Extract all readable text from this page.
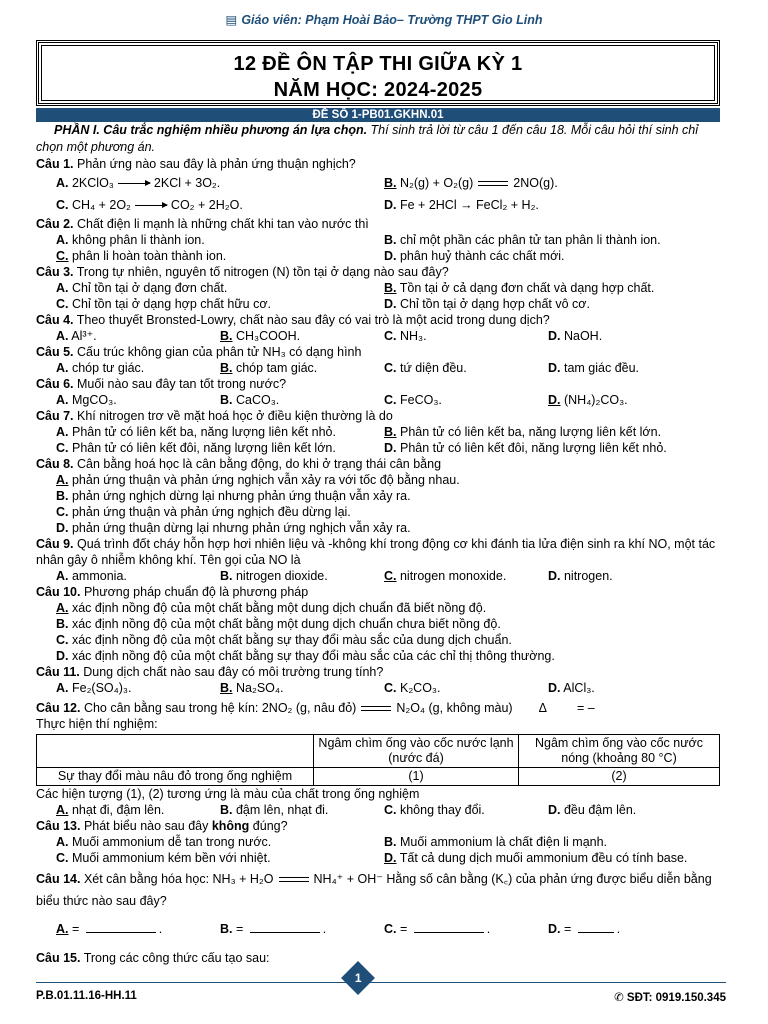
▤ Giáo viên: Phạm Hoài Bảo– Trường THPT Gio Linh
12 ĐỀ ÔN TẬP THI GIỮA KỲ 1
NĂM HỌC: 2024-2025
ĐỀ SỐ 1-PB01.GKHN.01
PHẦN I. Câu trắc nghiệm nhiều phương án lựa chọn. Thí sinh trả lời từ câu 1 đến câu 18. Mỗi câu hỏi thí sinh chỉ chọn một phương án.
Câu 1. Phản ứng nào sau đây là phản ứng thuận nghịch?
A. 2KClO₃	2KCl + 3O₂.	B. N₂(g) + O₂(g)	2NO(g).
C. CH₄ + 2O₂	CO₂ + 2H₂O.	D. Fe + 2HCl → FeCl₂ + H₂.
Câu 2. Chất điện li mạnh là những chất khi tan vào nước thì
A. không phân li thành ion.	B. chỉ một phần các phân tử tan phân li thành ion.
C. phân li hoàn toàn thành ion.	D. phân huỷ thành các chất mới.
Câu 3. Trong tự nhiên, nguyên tố nitrogen (N) tồn tại ở dạng nào sau đây?
A. Chỉ tồn tại ở dạng đơn chất.	B. Tồn tại ở cả dạng đơn chất và dạng hợp chất.
C. Chỉ tồn tại ở dạng hợp chất hữu cơ.	D. Chỉ tồn tại ở dạng hợp chất vô cơ.
Câu 4. Theo thuyết Bronsted-Lowry, chất nào sau đây có vai trò là một acid trong dung dịch?
A. Al³⁺.	B. CH₃COOH.	C. NH₃.	D. NaOH.
Câu 5. Cấu trúc không gian của phân tử NH₃ có dạng hình
A. chóp tư giác.	B. chóp tam giác.	C. tứ diện đều.	D. tam giác đều.
Câu 6. Muối nào sau đây tan tốt trong nước?
A. MgCO₃.	B. CaCO₃.	C. FeCO₃.	D. (NH₄)₂CO₃.
Câu 7. Khí nitrogen trơ về mặt hoá học ở điều kiện thường là do
A. Phân tử có liên kết ba, năng lượng liên kết nhỏ.	B. Phân tử có liên kết ba, năng lượng liên kết lớn.
C. Phân tử có liên kết đôi, năng lượng liên kết lớn.	D. Phân tử có liên kết đôi, năng lượng liên kết nhỏ.
Câu 8. Cân bằng hoá học là cân bằng động, do khi ở trạng thái cân bằng
A. phản ứng thuận và phản ứng nghịch vẫn xảy ra với tốc độ bằng nhau.
B. phản ứng nghịch dừng lại nhưng phản ứng thuận vẫn xảy ra.
C. phản ứng thuận và phản ứng nghịch đều dừng lại.
D. phản ứng thuận dừng lại nhưng phản ứng nghịch vẫn xảy ra.
Câu 9. Quá trình đốt cháy hỗn hợp hơi nhiên liệu và -không khí trong động cơ khi đánh tia lửa điện sinh ra khí NO, một tác nhân gây ô nhiễm không khí. Tên gọi của NO là
A. ammonia.	B. nitrogen dioxide.	C. nitrogen monoxide.	D. nitrogen.
Câu 10. Phương pháp chuẩn độ là phương pháp
A. xác định nồng độ của một chất bằng một dung dịch chuẩn đã biết nồng độ.
B. xác định nồng độ của một chất bằng một dung dịch chuẩn chưa biết nồng độ.
C. xác định nồng độ của một chất bằng sự thay đổi màu sắc của dung dịch chuẩn.
D. xác định nồng độ của một chất bằng sự thay đổi màu sắc của các chỉ thị thông thường.
Câu 11. Dung dịch chất nào sau đây có môi trường trung tính?
A. Fe₂(SO₄)₃.	B. Na₂SO₄.	C. K₂CO₃.	D. AlCl₃.
Câu 12. Cho cân bằng sau trong hệ kín: 2NO₂ (g, nâu đỏ)	N₂O₄ (g, không màu) Δ = –
Thực hiện thí nghiệm:
	Ngâm chìm ống vào cốc nước lạnh (nước đá)	Ngâm chìm ống vào cốc nước nóng (khoảng 80 °C)
Sự thay đổi màu nâu đỏ trong ống nghiệm	(1)	(2)
Các hiện tượng (1), (2) tương ứng là màu của chất trong ống nghiệm
A. nhạt đi, đậm lên.	B. đậm lên, nhạt đi.	C. không thay đổi.	D. đều đậm lên.
Câu 13. Phát biểu nào sau đây không đúng?
A. Muối ammonium dễ tan trong nước.	B. Muối ammonium là chất điện li mạnh.
C. Muối ammonium kém bền với nhiệt.	D. Tất cả dung dịch muối ammonium đều có tính base.
Câu 14. Xét cân bằng hóa học: NH₃ + H₂O	NH₄⁺ + OH⁻ Hằng số cân bằng (K꜀) của phản ứng được biểu diễn bằng biểu thức nào sau đây?
A. =	.	B. =	.	C. =	.	D. =	.
Câu 15. Trong các công thức cấu tạo sau:
1
P.B.01.11.16-HH.11	✆ SĐT: 0919.150.345
